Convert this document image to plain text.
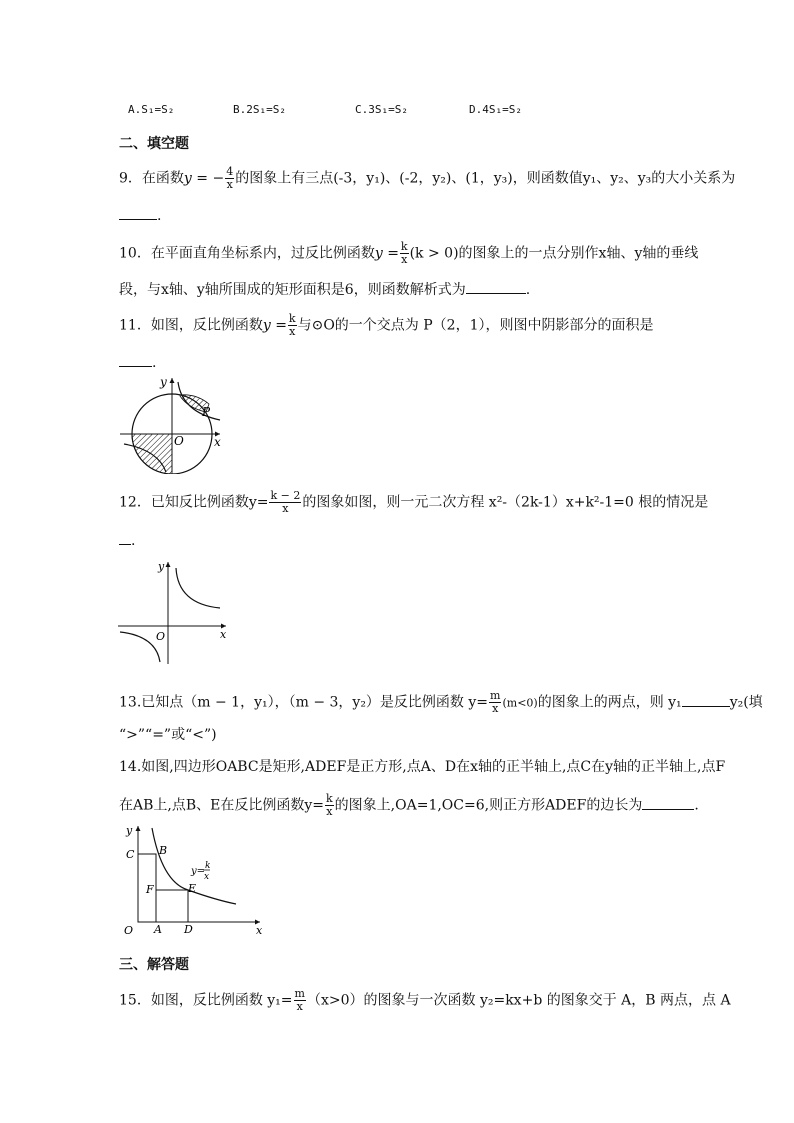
A.S₁=S₂	B.2S₁=S₂	C.3S₁=S₂	D.4S₁=S₂
二、填空题
9．在函数y = − $\frac{4}{x}$ 的图象上有三点(-3，y₁)、(-2，y₂)、(1，y₃)，则函数值y₁、y₂、y₃的大小关系为
.
10．在平面直角坐标系内，过反比例函数$y = \frac{k}{x} (k > 0)$的图象上的一点分别作x轴、y轴的垂线
段，与x轴、y轴所围成的矩形面积是6，则函数解析式为	.
11．如图，反比例函数$y = \frac{k}{x}$ 与⊙O的一个交点为 P（2，1），则图中阴影部分的面积是
.
y
P
O	x
12．已知反比例函数$y= \frac{k - 2}{x}$ 的图象如图，则一元二次方程 x²-（2k-1）x+k²-1=0 根的情况是
.
y
O	x
13.已知点（m − 1，y₁），（m − 3，y₂）是反比例函数 $y= \frac{m}{x} (m<0)$的图象上的两点，则 y₁	y₂(填
“>”“=”或“<”)
14.如图,四边形OABC是矩形,ADEF是正方形,点A、D在x轴的正半轴上,点C在y轴的正半轴上,点F
在AB上,点B、E在反比例函数$y= \frac{k}{x}$ 的图象上,OA=1,OC=6,则正方形ADEF的边长为	.
y
C B
F	E
O A D	x
y= k
x
三、解答题
15．如图，反比例函数 $y_1= \frac{m}{x} (x>0)$的图象与一次函数 y₂=kx+b 的图象交于 A，B 两点，点 A
